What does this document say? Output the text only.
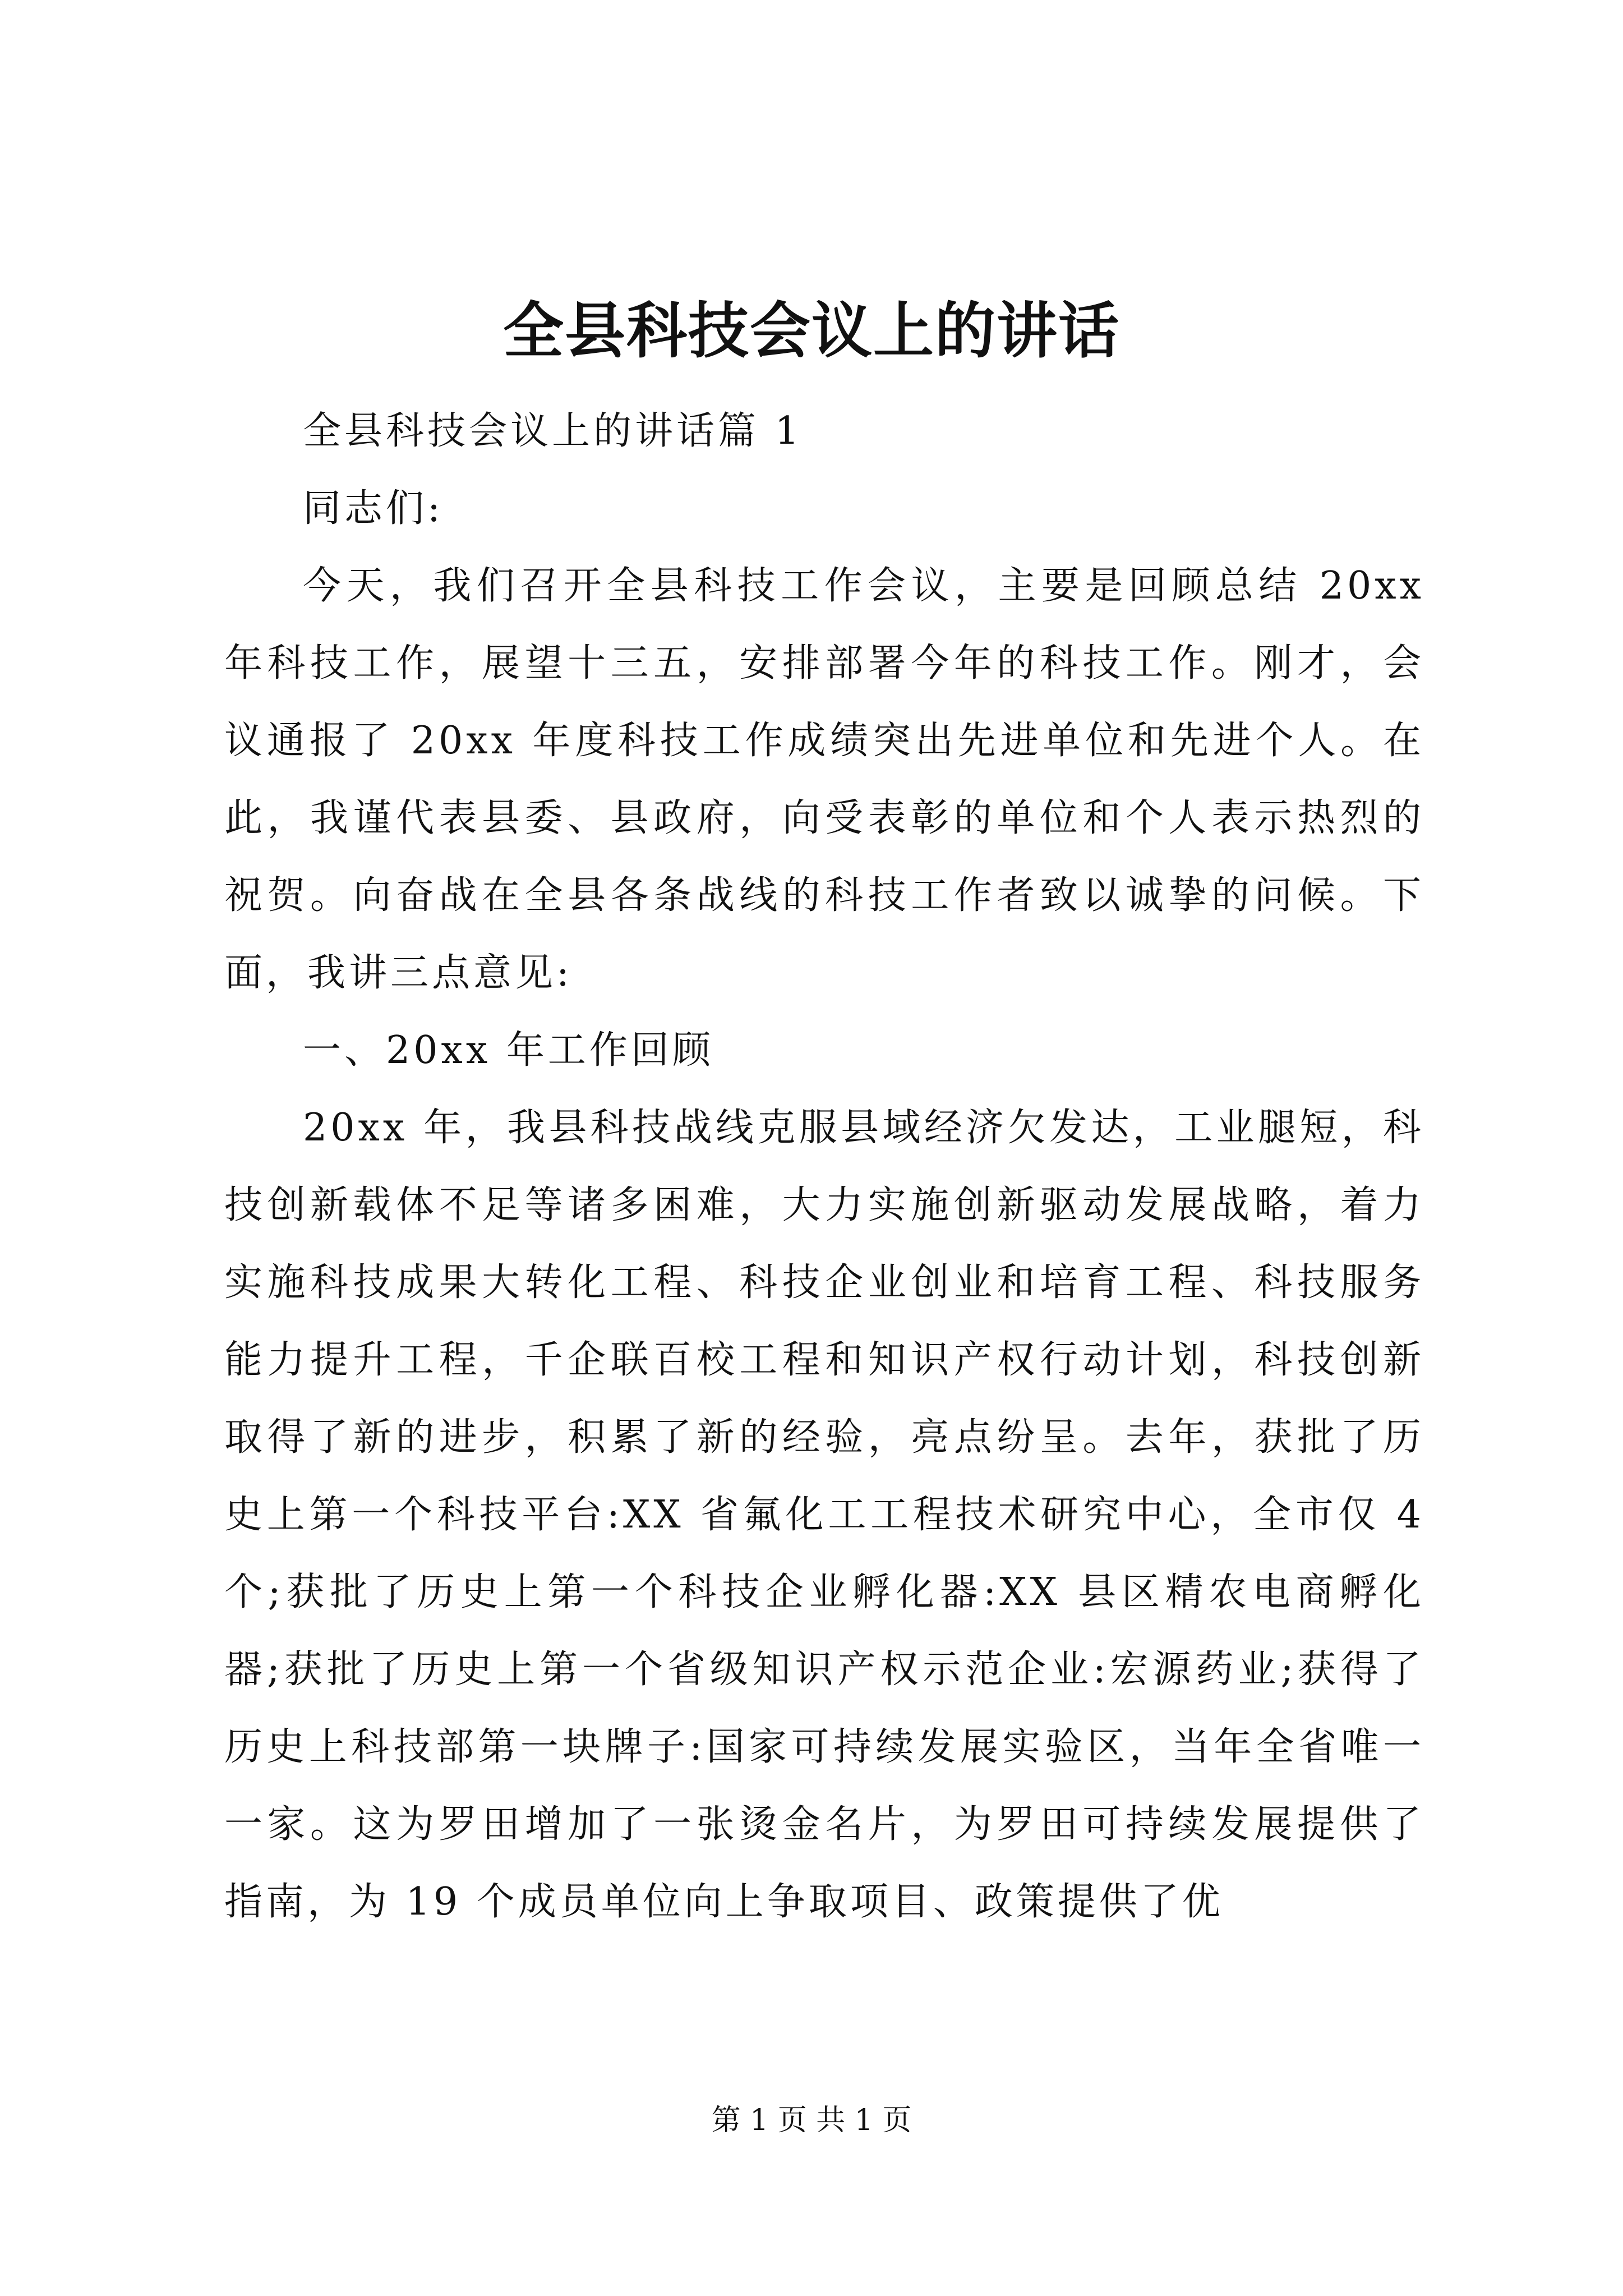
全县科技会议上的讲话

全县科技会议上的讲话篇 1

同志们:

今天，我们召开全县科技工作会议，主要是回顾总结 20xx 年科技工作，展望十三五，安排部署今年的科技工作。刚才，会议通报了 20xx 年度科技工作成绩突出先进单位和先进个人。在此，我谨代表县委、县政府，向受表彰的单位和个人表示热烈的祝贺。向奋战在全县各条战线的科技工作者致以诚挚的问候。下面，我讲三点意见:

一、20xx 年工作回顾

20xx 年，我县科技战线克服县域经济欠发达，工业腿短，科技创新载体不足等诸多困难，大力实施创新驱动发展战略，着力实施科技成果大转化工程、科技企业创业和培育工程、科技服务能力提升工程，千企联百校工程和知识产权行动计划，科技创新取得了新的进步，积累了新的经验，亮点纷呈。去年，获批了历史上第一个科技平台:XX 省氟化工工程技术研究中心，全市仅 4 个;获批了历史上第一个科技企业孵化器:XX 县区精农电商孵化器;获批了历史上第一个省级知识产权示范企业:宏源药业;获得了历史上科技部第一块牌子:国家可持续发展实验区，当年全省唯一一家。这为罗田增加了一张烫金名片，为罗田可持续发展提供了指南，为 19 个成员单位向上争取项目、政策提供了优

第 1 页 共 1 页
